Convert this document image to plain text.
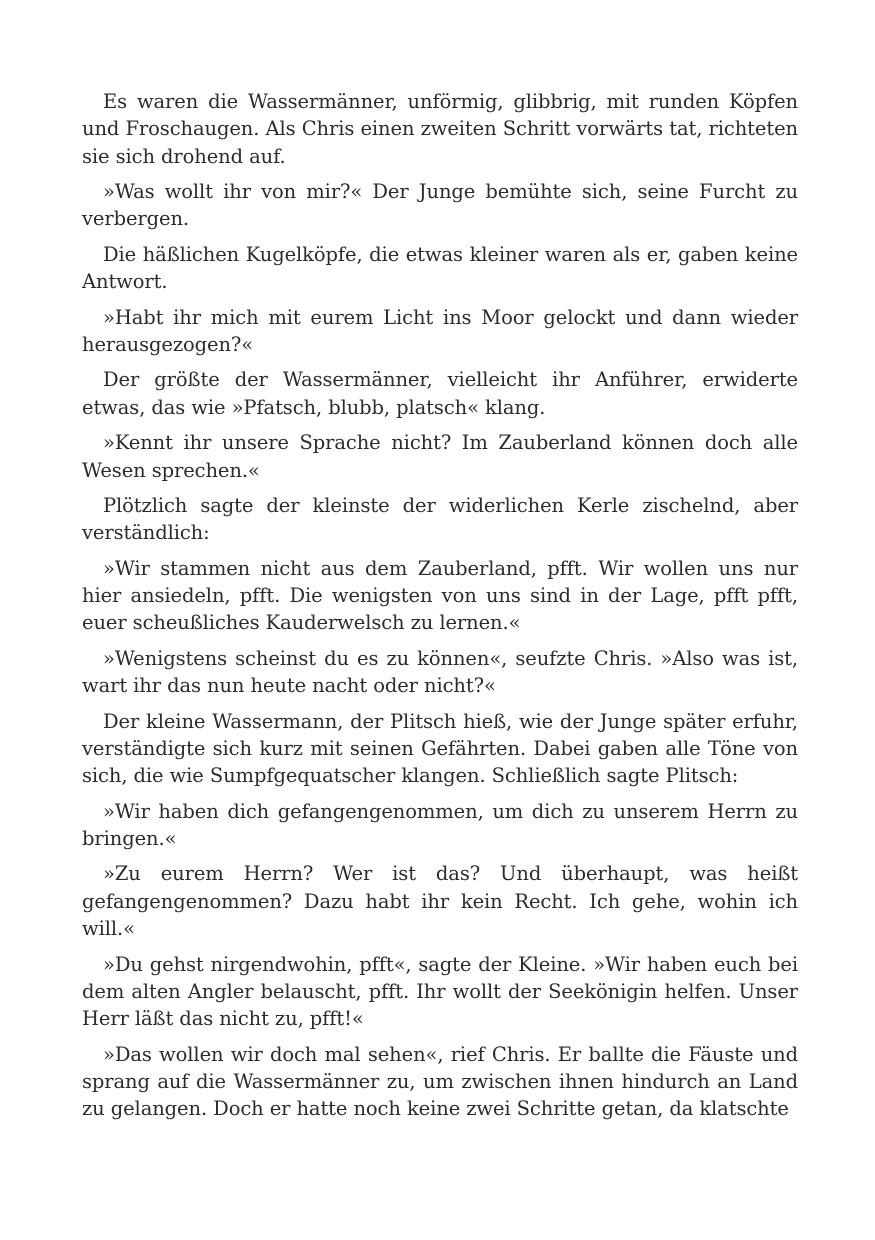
Es waren die Wassermänner, unförmig, glibbrig, mit runden Köpfen und Froschaugen. Als Chris einen zweiten Schritt vorwärts tat, richteten sie sich drohend auf.

»Was wollt ihr von mir?« Der Junge bemühte sich, seine Furcht zu verbergen.

Die häßlichen Kugelköpfe, die etwas kleiner waren als er, gaben keine Antwort.

»Habt ihr mich mit eurem Licht ins Moor gelockt und dann wieder herausgezogen?«

Der größte der Wassermänner, vielleicht ihr Anführer, erwiderte etwas, das wie »Pfatsch, blubb, platsch« klang.

»Kennt ihr unsere Sprache nicht? Im Zauberland können doch alle Wesen sprechen.«

Plötzlich sagte der kleinste der widerlichen Kerle zischelnd, aber verständlich:

»Wir stammen nicht aus dem Zauberland, pfft. Wir wollen uns nur hier ansiedeln, pfft. Die wenigsten von uns sind in der Lage, pfft pfft, euer scheußliches Kauderwelsch zu lernen.«

»Wenigstens scheinst du es zu können«, seufzte Chris. »Also was ist, wart ihr das nun heute nacht oder nicht?«

Der kleine Wassermann, der Plitsch hieß, wie der Junge später erfuhr, verständigte sich kurz mit seinen Gefährten. Dabei gaben alle Töne von sich, die wie Sumpfgequatscher klangen. Schließlich sagte Plitsch:

»Wir haben dich gefangengenommen, um dich zu unserem Herrn zu bringen.«

»Zu eurem Herrn? Wer ist das? Und überhaupt, was heißt gefangengenommen? Dazu habt ihr kein Recht. Ich gehe, wohin ich will.«

»Du gehst nirgendwohin, pfft«, sagte der Kleine. »Wir haben euch bei dem alten Angler belauscht, pfft. Ihr wollt der Seekönigin helfen. Unser Herr läßt das nicht zu, pfft!«

»Das wollen wir doch mal sehen«, rief Chris. Er ballte die Fäuste und sprang auf die Wassermänner zu, um zwischen ihnen hindurch an Land zu gelangen. Doch er hatte noch keine zwei Schritte getan, da klatschte
